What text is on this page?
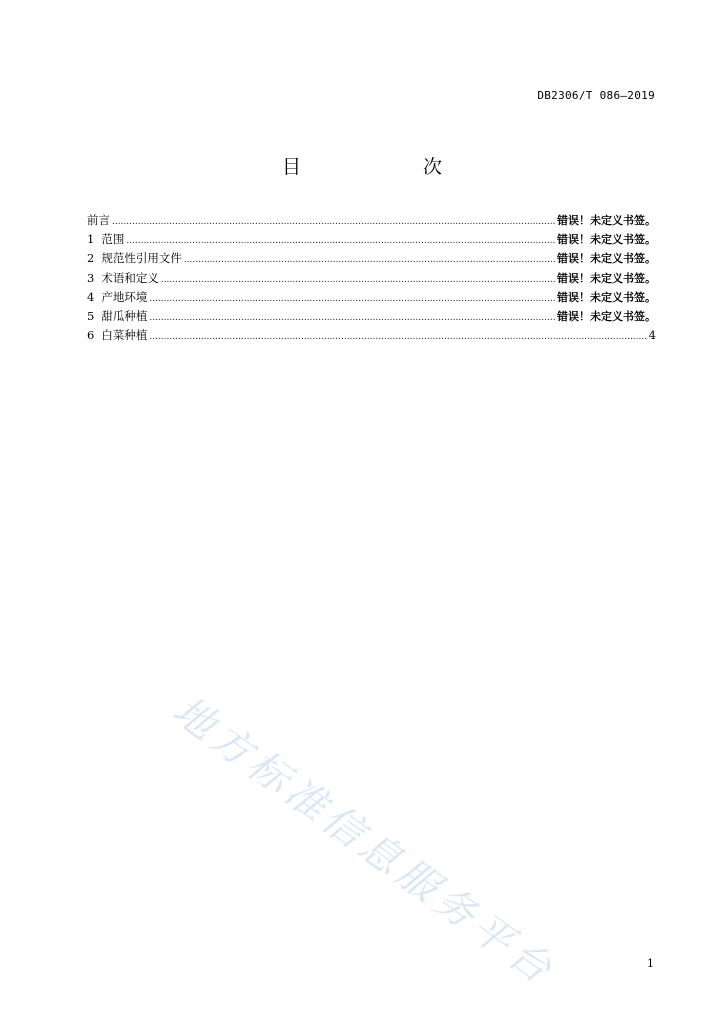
DB2306/T 086—2019
目　　次
前言 .....	错误！未定义书签。
1 范围 .....	错误！未定义书签。
2 规范性引用文件 .....	错误！未定义书签。
3 术语和定义 .....	错误！未定义书签。
4 产地环境 .....	错误！未定义书签。
5 甜瓜种植 .....	错误！未定义书签。
6 白菜种植 .....	4
地方标准信息服务平台	1
